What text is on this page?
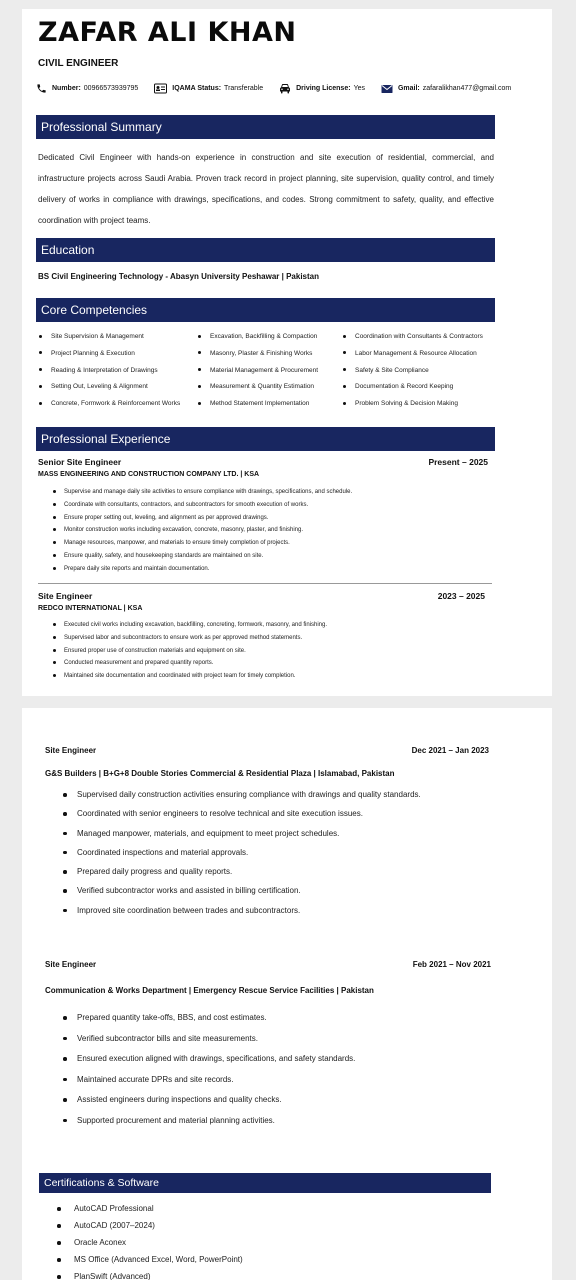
ZAFAR ALI KHAN
CIVIL ENGINEER
Number: 00966573939795	IQAMA Status: Transferable	Driving License: Yes	Gmail: zafaralikhan477@gmail.com
Professional Summary
Dedicated Civil Engineer with hands-on experience in construction and site execution of residential, commercial, and infrastructure projects across Saudi Arabia. Proven track record in project planning, site supervision, quality control, and timely delivery of works in compliance with drawings, specifications, and codes. Strong commitment to safety, quality, and effective coordination with project teams.
Education
BS Civil Engineering Technology - Abasyn University Peshawar | Pakistan
Core Competencies
Site Supervision & Management
Project Planning & Execution
Reading & Interpretation of Drawings
Setting Out, Leveling & Alignment
Concrete, Formwork & Reinforcement Works
Excavation, Backfilling & Compaction
Masonry, Plaster & Finishing Works
Material Management & Procurement
Measurement & Quantity Estimation
Method Statement Implementation
Coordination with Consultants & Contractors
Labor Management & Resource Allocation
Safety & Site Compliance
Documentation & Record Keeping
Problem Solving & Decision Making
Professional Experience
Senior Site Engineer	Present – 2025
MASS ENGINEERING AND CONSTRUCTION COMPANY LTD. | KSA
Supervise and manage daily site activities to ensure compliance with drawings, specifications, and schedule.
Coordinate with consultants, contractors, and subcontractors for smooth execution of works.
Ensure proper setting out, leveling, and alignment as per approved drawings.
Monitor construction works including excavation, concrete, masonry, plaster, and finishing.
Manage resources, manpower, and materials to ensure timely completion of projects.
Ensure quality, safety, and housekeeping standards are maintained on site.
Prepare daily site reports and maintain documentation.
Site Engineer	2023 – 2025
REDCO INTERNATIONAL | KSA
Executed civil works including excavation, backfilling, concreting, formwork, masonry, and finishing.
Supervised labor and subcontractors to ensure work as per approved method statements.
Ensured proper use of construction materials and equipment on site.
Conducted measurement and prepared quantity reports.
Maintained site documentation and coordinated with project team for timely completion.
Site Engineer	Dec 2021 – Jan 2023
G&S Builders | B+G+8 Double Stories Commercial & Residential Plaza | Islamabad, Pakistan
Supervised daily construction activities ensuring compliance with drawings and quality standards.
Coordinated with senior engineers to resolve technical and site execution issues.
Managed manpower, materials, and equipment to meet project schedules.
Coordinated inspections and material approvals.
Prepared daily progress and quality reports.
Verified subcontractor works and assisted in billing certification.
Improved site coordination between trades and subcontractors.
Site Engineer	Feb 2021 – Nov 2021
Communication & Works Department | Emergency Rescue Service Facilities | Pakistan
Prepared quantity take-offs, BBS, and cost estimates.
Verified subcontractor bills and site measurements.
Ensured execution aligned with drawings, specifications, and safety standards.
Maintained accurate DPRs and site records.
Assisted engineers during inspections and quality checks.
Supported procurement and material planning activities.
Certifications & Software
AutoCAD Professional
AutoCAD (2007–2024)
Oracle Aconex
MS Office (Advanced Excel, Word, PowerPoint)
PlanSwift (Advanced)
